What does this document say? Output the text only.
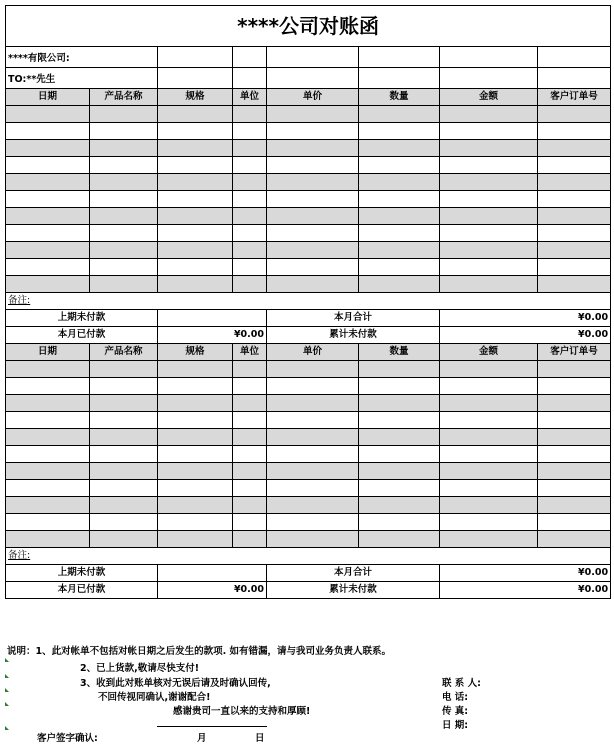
****公司对账函							
****有限公司:							
TO:**先生							
日期	产品名称	规格	单位	单价	数量	金额	客户订单号

备注:							
上期未付款				本月合计		¥0.00	
本月已付款		¥0.00		累计未付款		¥0.00	
日期	产品名称	规格	单位	单价	数量	金额	客户订单号

备注:							
上期未付款				本月合计		¥0.00	
本月已付款		¥0.00		累计未付款		¥0.00	
说明：1、此对帐单不包括对帐日期之后发生的款项. 如有错漏，请与我司业务负责人联系。
2、已上货款,敬请尽快支付!
3、收到此对账单核对无误后请及时确认回传,	联 系 人:
不回传视同确认,谢谢配合!	电 话:
感谢贵司一直以来的支持和厚顾!	传 真:
日 期:
客户签字确认:	月	日
